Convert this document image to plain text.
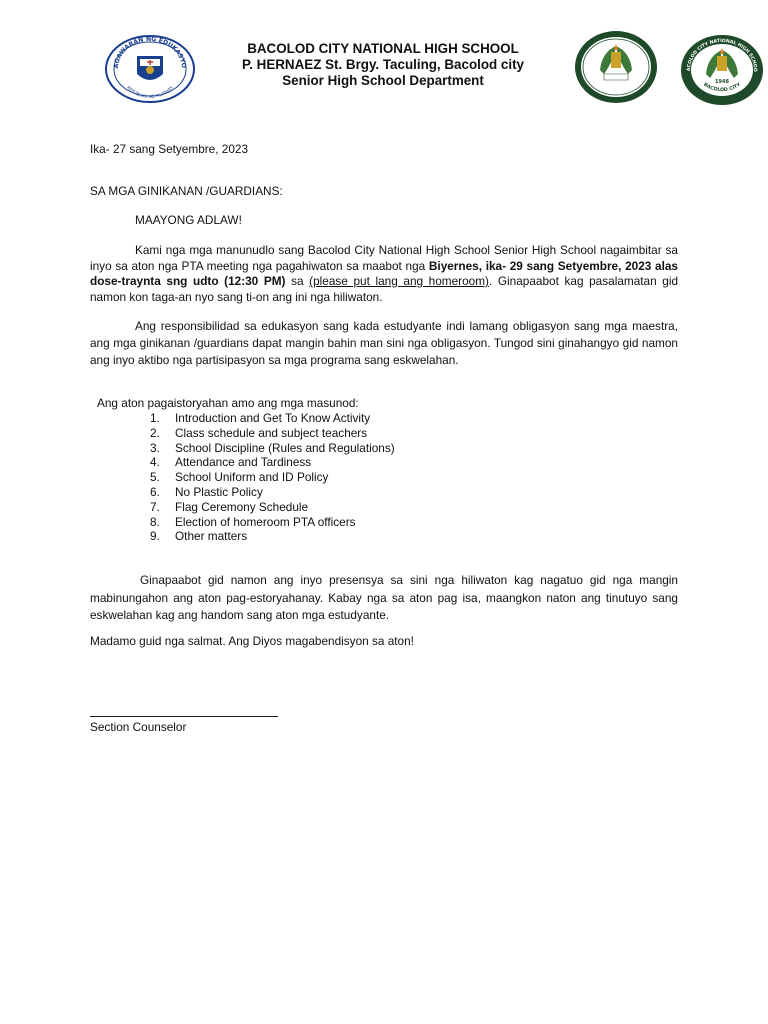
AGAWARAN NG EDUKASYO
REPUBLIKA NG PILIPINAS
BACOLOD CITY NATIONAL HIGH SCHOOL
P. HERNAEZ St. Brgy. Taculing, Bacolod city
Senior High School Department
ACOLOD CITY NATIONAL HIGH SCHOO
BACOLOD CITY
1948
Ika- 27 sang Setyembre, 2023
SA MGA GINIKANAN /GUARDIANS:
MAAYONG ADLAW!
Kami nga mga manunudlo sang Bacolod City National High School Senior High School nagaimbitar sa inyo sa aton nga PTA meeting nga pagahiwaton sa maabot nga Biyernes, ika- 29 sang Setyembre, 2023 alas dose-traynta sng udto (12:30 PM) sa (please put lang ang homeroom). Ginapaabot kag pasalamatan gid namon kon taga-an nyo sang ti-on ang ini nga hiliwaton.
Ang responsibilidad sa edukasyon sang kada estudyante indi lamang obligasyon sang mga maestra, ang mga ginikanan /guardians dapat mangin bahin man sini nga obligasyon. Tungod sini ginahangyo gid namon ang inyo aktibo nga partisipasyon sa mga programa sang eskwelahan.
Ang aton pagaistoryahan amo ang mga masunod:
1.	Introduction and Get To Know Activity
2.	Class schedule and subject teachers
3.	School Discipline (Rules and Regulations)
4.	Attendance and Tardiness
5.	School Uniform and ID Policy
6.	No Plastic Policy
7.	Flag Ceremony Schedule
8.	Election of homeroom PTA officers
9.	Other matters
Ginapaabot gid namon ang inyo presensya sa sini nga hiliwaton kag nagatuo gid nga mangin mabinungahon ang aton pag-estoryahanay. Kabay nga sa aton pag isa, maangkon naton ang tinutuyo sang eskwelahan kag ang handom sang aton mga estudyante.
Madamo guid nga salmat. Ang Diyos magabendisyon sa aton!
Section Counselor
